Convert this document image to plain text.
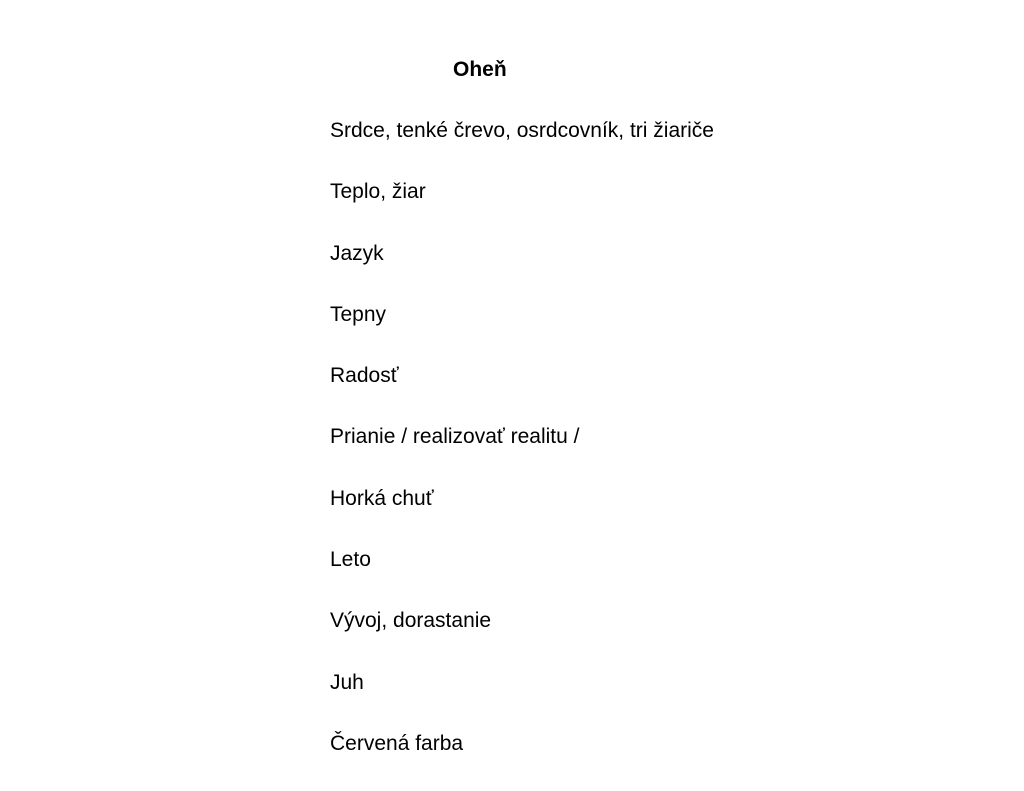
Oheň
Srdce, tenké črevo, osrdcovník, tri žiariče
Teplo, žiar
Jazyk
Tepny
Radosť
Prianie / realizovať realitu /
Horká chuť
Leto
Vývoj, dorastanie
Juh
Červená farba
